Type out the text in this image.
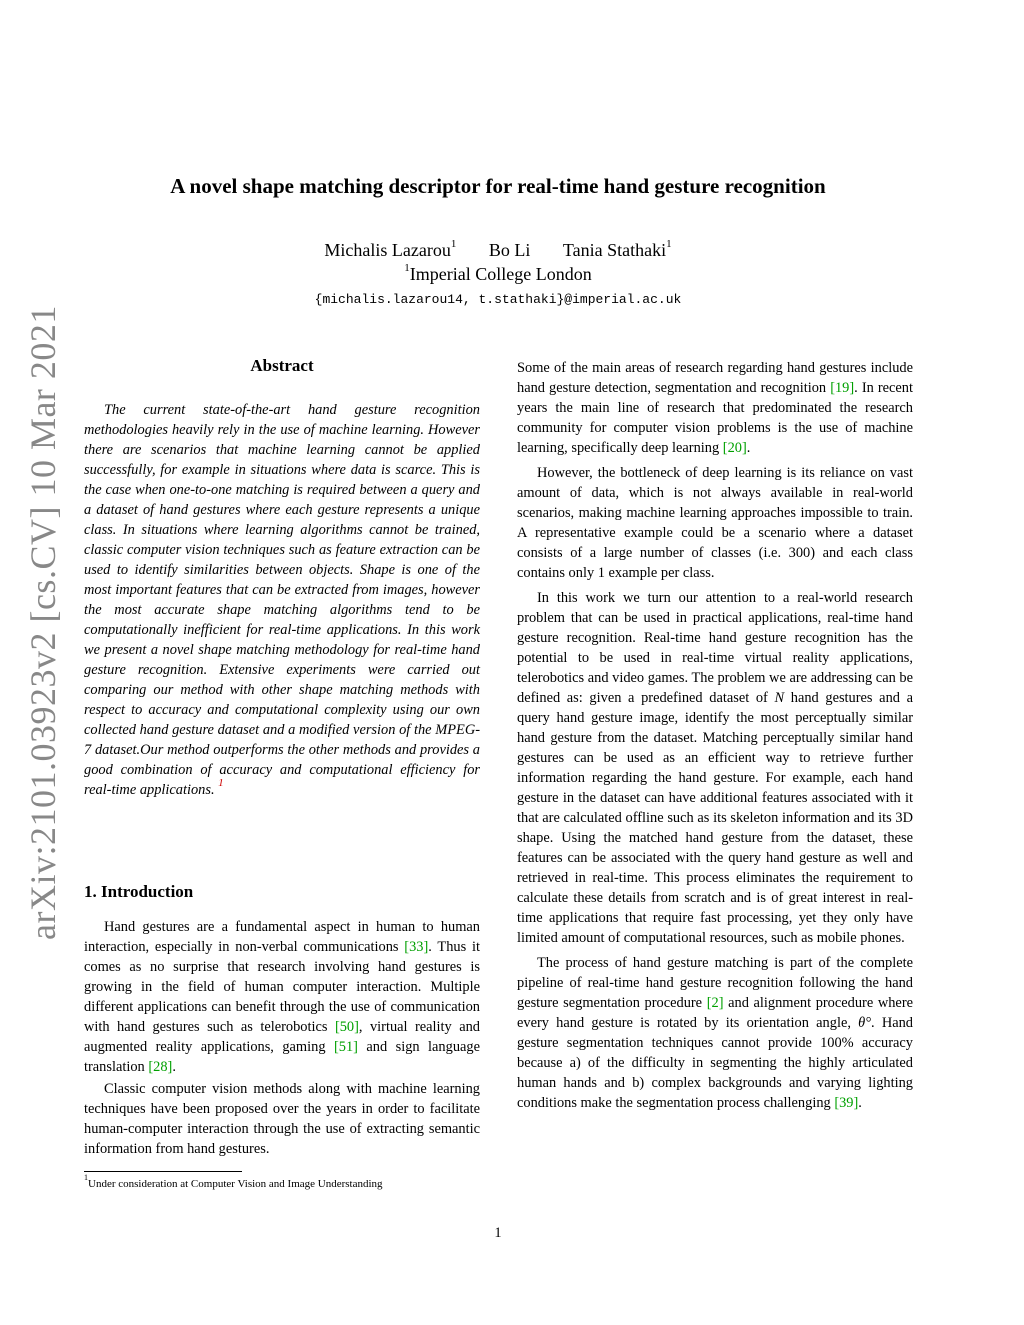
arXiv:2101.03923v2 [cs.CV] 10 Mar 2021
A novel shape matching descriptor for real-time hand gesture recognition
Michalis Lazarou$^1$ Bo Li Tania Stathaki$^1$
$^1$Imperial College London
{michalis.lazarou14, t.stathaki}@imperial.ac.uk
Abstract

The current state-of-the-art hand gesture recognition methodologies heavily rely in the use of machine learning. However there are scenarios that machine learning cannot be applied successfully, for example in situations where data is scarce. This is the case when one-to-one matching is required between a query and a dataset of hand gestures where each gesture represents a unique class. In situations where learning algorithms cannot be trained, classic computer vision techniques such as feature extraction can be used to identify similarities between objects. Shape is one of the most important features that can be extracted from images, however the most accurate shape matching algorithms tend to be computationally inefficient for real-time applications. In this work we present a novel shape matching methodology for real-time hand gesture recognition. Extensive experiments were carried out comparing our method with other shape matching methods with respect to accuracy and computational complexity using our own collected hand gesture dataset and a modified version of the MPEG-7 dataset.Our method outperforms the other methods and provides a good combination of accuracy and computational efficiency for real-time applications. $^1$

1. Introduction

Hand gestures are a fundamental aspect in human to human interaction, especially in non-verbal communications [33]. Thus it comes as no surprise that research involving hand gestures is growing in the field of human computer interaction. Multiple different applications can benefit through the use of communication with hand gestures such as telerobotics [50], virtual reality and augmented reality applications, gaming [51] and sign language translation [28].

Classic computer vision methods along with machine learning techniques have been proposed over the years in order to facilitate human-computer interaction through the use of extracting semantic information from hand gestures.

$^1$Under consideration at Computer Vision and Image Understanding

Some of the main areas of research regarding hand gestures include hand gesture detection, segmentation and recognition [19]. In recent years the main line of research that predominated the research community for computer vision problems is the use of machine learning, specifically deep learning [20].

However, the bottleneck of deep learning is its reliance on vast amount of data, which is not always available in real-world scenarios, making machine learning approaches impossible to train. A representative example could be a scenario where a dataset consists of a large number of classes (i.e. 300) and each class contains only 1 example per class.

In this work we turn our attention to a real-world research problem that can be used in practical applications, real-time hand gesture recognition. Real-time hand gesture recognition has the potential to be used in real-time virtual reality applications, telerobotics and video games. The problem we are addressing can be defined as: given a predefined dataset of N hand gestures and a query hand gesture image, identify the most perceptually similar hand gesture from the dataset. Matching perceptually similar hand gestures can be used as an efficient way to retrieve further information regarding the hand gesture. For example, each hand gesture in the dataset can have additional features associated with it that are calculated offline such as its skeleton information and its 3D shape. Using the matched hand gesture from the dataset, these features can be associated with the query hand gesture as well and retrieved in real-time. This process eliminates the requirement to calculate these details from scratch and is of great interest in real-time applications that require fast processing, yet they only have limited amount of computational resources, such as mobile phones.

The process of hand gesture matching is part of the complete pipeline of real-time hand gesture recognition following the hand gesture segmentation procedure [2] and alignment procedure where every hand gesture is rotated by its orientation angle, θ°. Hand gesture segmentation techniques cannot provide 100% accuracy because a) of the difficulty in segmenting the highly articulated human hands and b) complex backgrounds and varying lighting conditions make the segmentation process challenging [39].

1
